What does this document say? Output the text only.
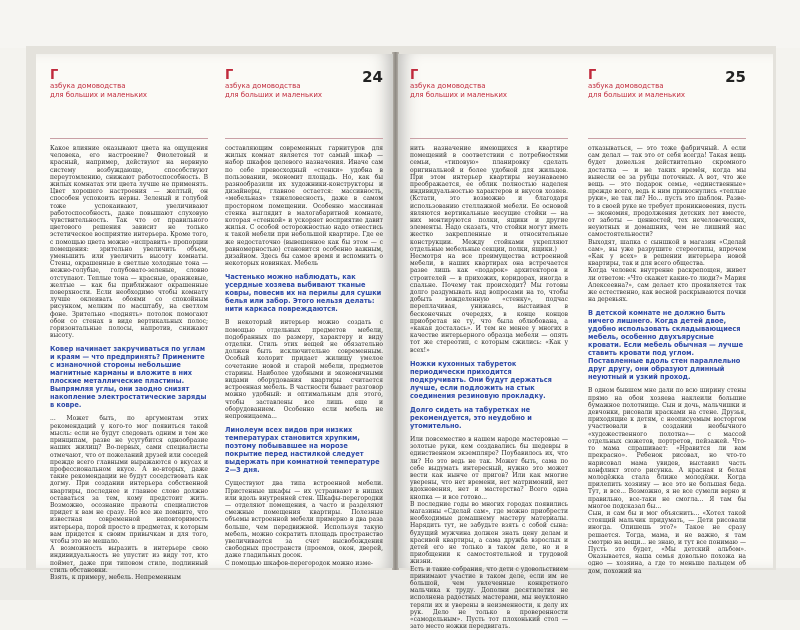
Г
азбука домоводства
для больших и маленьких

Какое влияние оказывают цвета на ощущения человека, его настроение? Фиолетовый и красный, например, действуют на нервную систему возбуждающе, способствуют переутомлению, снижают работоспособность. В жилых комнатах эти цвета лучше не применять. Цвет хорошего настроения — желтый, он способен успокоить нервы. Зеленый и голубой тоже успокаивают, увеличивают работоспособность, даже повышают слуховую чувствительность. Так что от правильного цветового решения зависит не только эстетическое восприятие интерьера. Кроме того, с помощью цвета можно «исправить» пропорции помещения: зрительно увеличить объем, уменьшить или увеличить высоту комнаты. Стены, окрашенные в светлые холодные тона — нежно-голубые, голубовато-зеленые, словно отступают. Теплые тона — красные, оранжевые, желтые — как бы приближают окрашенные поверхности. Если необходимо чтобы комнату лучше оклеивать обоями со спокойным рисунком, мелким по масштабу, на светлом фоне. Зрительно «поднять» потолок помогают обои со стенах в виде вертикальных полос; горизонтальные полосы, напротив, снижают высоту.

Ковер начинает закручиваться по углам и краям — что предпринять? Примените с изнаночной стороны небольшие магнитные карманы и вложите в них плоские металлические пластины. Выпрямляя углы, они заодно снизят накопление электростатические заряды в ковре.

... Может быть, по аргументам этих рекомендаций у кого-то мог появиться такой мысль: если не будут следовать одним и тем же принципам, разве не усугубится однообразие наших жилищ? Во-первых, сами специалисты отмечают, что от пожеланий друзей или соседей прежде всего главными выражаются о вкусах и профессиональном вкусе. А во-вторых, даже такие рекомендации не будут соседствовать как догму. При создании интерьера собственной квартиры, последнее и главное слово должно оставаться за тем, кому предстоит жить. Возможно, осознание правоты специалистов придет к вам не сразу. Но все же помните, что известная современной неповторимость интерьера, порой просто в предметах, к которым вам придется к своим привычкам и для того, чтобы это не мешало.

А возможность выразить в интерьере свою индивидуальность не упустит из виду тот, кто поймет, даже при типовом стиле, подлинный стиль обстановки.

Взять, к примеру, мебель. Непременным

Г
азбука домоводства
для больших и маленьких
24

составляющим современных гарнитуров для жилых комнат является тот самый шкаф — набор шкафов целевого назначения. Иначе сам по себе превосходный «стенки» удобна в пользовании, экономит площадь. Но, как бы разнообразили их художники-конструкторы и дизайнеры, главное остается: массивность, «мебельная» тяжеловесность, даже в самом просторном помещении. Особенно массивная стенка выглядит в малогабаритной комнате, которая «стенкой» и ускоряет восприятие давит жилья. С особой осторожностью надо отнестись к такой мебели при небольшой квартире. Где ее же недостаточно (вывешенное как бы этом — с равномерностью) становится особенно важным, дизайном. Здесь бы самое время и вспомнить о некоторых новинках. Мебель

Частенько можно наблюдать, как усердные хозяева выбивают тканые ковры, повесив их на перилы для сушки белья или забор. Этого нельзя делать: нити каркаса повреждаются.

В некоторый интерьер можно создать с помощью отдельных предметов мебели, подобранных по размеру, характеру и виду отделки. Стиль этих вещей не обязательно должен быть исключительно современным. Особый колорит придает жилищу умелое сочетание новой и старой мебели, предметов старины. Наиболее удобными и экономичными видами оборудования квартиры считается встроенная мебель. В частности бывает разговор можно удобный: и оптимальным для этого, чтобы заставлены все лишь еще и оборудованием. Особенно если мебель не непроницаема...

Линолеум всех видов при низких температурах становится хрупким, поэтому побывавшее на морозе покрытие перед настилкой следует выдержать при комнатной температуре 2—3 дня.

Существуют два типа встроенной мебели. Пристенные шкафы — их устраивают в нишах или вдоль внутренней стен. Шкафы-перегородки — отделяют помещения, а часто и разделяют смежные помещения квартиры. Полезные объемы встроенной мебели примерно в два раза больше, чем передвижной. Используя такую мебель, можно сократить площадь пространство увеличивается за счет высвобождения свободных пространств (проемов, окон, дверей, даже гладильных досок.

С помощью шкафов-перегородок можно изме-

Г
азбука домоводства
для больших и маленьких

нить назначение имеющихся в квартире помещений в соответствии с потребностями семьи, «типовую» планировку сделать оригинальной и более удобной для жильцов. При этом интерьер квартиры неузнаваемо преображается, ее облик полностью наделен индивидуальностью характеров и вкусов хозяев. (Кстати, это возможно и благодаря использованию стеллажной мебели. Ее основой являются вертикальные несущие стойки — на них монтируются полки, ящики и другие элементы. Надо сказать, что стойки могут иметь жестко закрепленные и относительные конструкции. Между стойками укрепляют отдельные мебельные секции, полки, ящики.)

Несмотря на все преимущества встроенной мебели, в наших квартирах она встречается разве лишь как «подарок» архитекторов и строителей — в прихожих, коридорах, иногда в спальне. Почему так происходит? Мы готовы долго раздумывать над вопросами на то, чтобы добыть вожделенную «стенку», подчас переплачивая, унижаясь, выстаивая в бесконечных очередях, в конце концов приобретая не ту, что была облюбована, а «какая досталась». И тем не менее у многих в качестве интерьерного образца мебели — опять тот же стереотип, с которым сжились: «Как у всех!»

Ножки кухонных табуреток периодически приходится подкручивать. Они будут держаться лучше, если подложить на стык соединения резиновую прокладку.

Долго сидеть на табуретках не рекомендуется, это неудобно и утомительно.

Или повсеместно в нашем народе мастеровые — золотые руки, кем создавались бы шедевры в единственном экземпляре? Поубавилось их, что ли? Но это ведь не так. Может быть, сама по себе выдумать интересный, нужно это может вести как нынче от пригов? Или как многие уверены, что нет времени, нет матримоний, нет вдохновения, нет и мастерства? Всего одна кнопка — и все готово...

В последние годы во многих городах появились магазины «Сделай сам», где можно приобрести необходимые домашнему мастеру материалы. Нарядить тут, не забудьте взять с собой сына: будущий мужчина должен знать цену делам и красивой квартиры, а сама дружба взрослых и детей его не только в таком деле, но и в приобщении к самостоятельной и трудовой жизни.

Есть и такие собрания, что дети с удовольствием принимают участие в таком деле, если им не большой, чем увлеченные конкретного мальчика к труду. Дополни десятилетия не исполнена радостных мастерами, мы неуклонно теряли их и уверены в неизменности, к делу их рук. Дело не только в проверенности «самодельным». Пусть тот плохонький стол — зато место ножки передвигать.

Г
азбука домоводства
для больших и маленьких
25

отказываться, — это тоже фабричный. А если сам делал — так это от себя всегда! Такая вещь будет донельзя действительно скромного достатка — и не таких времён, когда мы вынесли ее за рубцы поточных. А вот, что же вещь — это подарок семье, «единственные» прежде всего, ведь к ним прикоснулись «теплые руки», не так ли? Но... пусть это шаблон. Разве-то в своей руке не требует проникновения, пусть — экономия, продолжения детских лет вместе, от заботы — ценностей, тех нечеловеческих, неуютных и домашних, чем не лишний нас самостоятельности?

Выходят, шапка с сыншкой в магазин «Сделай сам», вы уже разрушите стереотипы, впрочем «Как у всех» в решении интерьера новой квартиры, так и для всего общества.

Когда человек внутренне раскрепощен, живет ли ответом: «Что скажет какие-то люди?» Мария Алексеевна?», сам делает кто проявляется так же естественно, как весной раскрываются почки на деревьях.

В детской комнате не должно быть ничего лишнего. Когда детей двое, удобно использовать складывающиеся мебель, особенно двухъярусные кровати. Если мебель обычная — лучше ставить кровати под углом. Поставленные вдоль стен параллельно друг другу, они образуют длинный неуютный и узкий проход.

В одном бывшем мне дали по всю ширину стены прямо на обои хозяева наклеили большие бумажное полотнище. Сын и дочь, мальчишки и девчонки, рисовали красками на стене. Друзья, приходящие к детям, с неописуемым восторгом участвовали в создании необычного «художественного полотна»— с массой отдельных сюжетов, портретов, пейзажей. Что-то мама спрашивает: «Нравится ли вам прекрасно». Ребенок рисовал, но что-то нарисовал мама увидев, выставил часть конфликт этого рисунка. А красная и белая молодёжка стала ближе молодёжи. Когда прилепить хозяину — все это не большая беда. Тут, и все... Возможно, я не все сумели верно и правильно, все-таки не смогла... Я там бы многое подсказал бы...

Сын, и сам бы и мог объяснить... «Хотел такой стоящий мальчик придумать, — Дети рисовали иногда. Опишешь это?» Такое не сразу решается. Тогда, мама, и не важно, я там смотрю на вещи... не знаю, и тут все понимаю — Пусть это будет, «Мы детский альбом». Оказывается, наша семья довольно похожа на одно — хозяина, а где то меньше пальцем об дом, похожий на
